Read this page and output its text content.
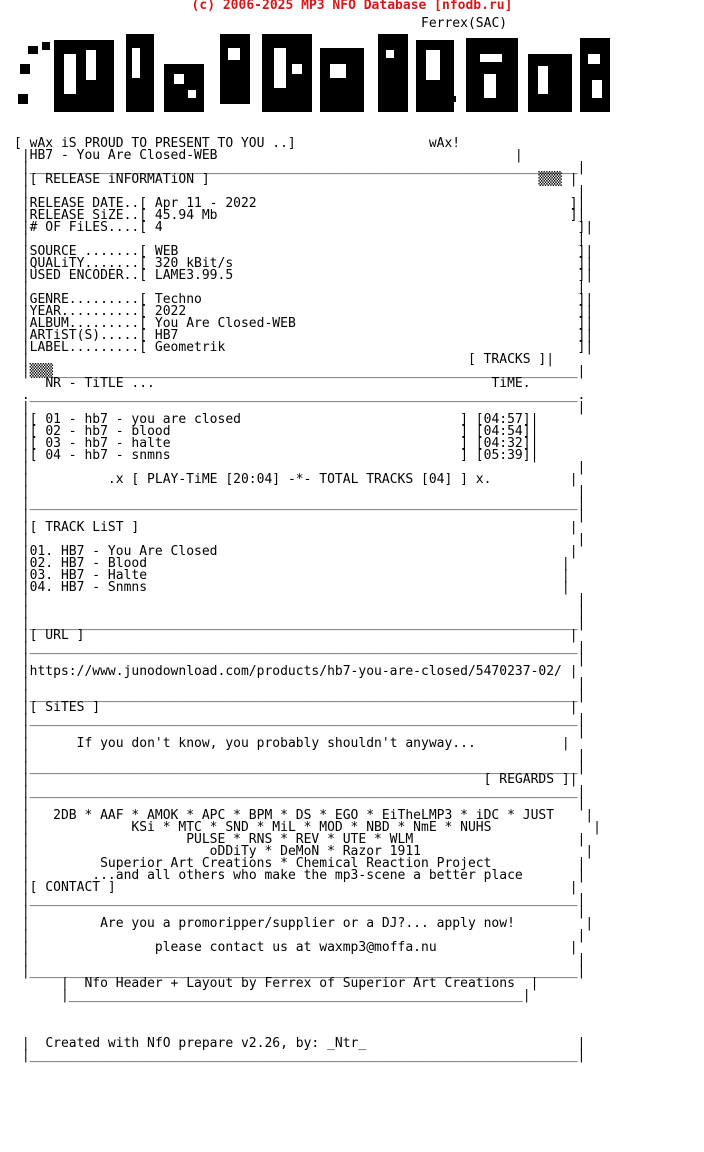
(c) 2006-2025 MP3 NFO Database [nfodb.ru]
Ferrex(SAC)

[ wAx iS PROUD TO PRESENT TO YOU ..]	wAx!
|HB7 - You Are Closed-WEB	|
|______________________________________________________________________|
|[ RELEASE iNFORMATiON ]	▒▒▒ |
|                                                                      |
|RELEASE DATE..[ Apr 11 - 2022	]|
|RELEASE SiZE..[ 45.94 Mb	]|
|# OF FiLES....[ 4	]|
|                                                                      |
|SOURCE .......[ WEB	]|
|QUALiTY.......[ 320 kBit/s	]|
|USED ENCODER..[ LAME3.99.5	]|
|                                                                      |
|GENRE.........[ Techno	]|
|YEAR..........[ 2022	]|
|ALBUM.........[ You Are Closed-WEB	]|
|ARTiST(S).....[ HB7	]|
|LABEL.........[ Geometrik	]|
|	[ TRACKS ]|
|▒▒▒___________________________________________________________________|
NR - TiTLE ...	TiME.
.______________________________________________________________________.
|                                                                      |
|[ 01 - hb7 - you are closed                            ] [04:57]|
|[ 02 - hb7 - blood                                     ] [04:54]|
|[ 03 - hb7 - halte                                     ] [04:32]|
|[ 04 - hb7 - snmns                                     ] [05:39]|
|                                                                      |
|          .x [ PLAY-TiME [20:04] -*- TOTAL TRACKS [04] ] x.          |
|                                                                      |
|______________________________________________________________________|
|                                                                      |
|[ TRACK LiST ]	|
|                                                                      |
|01. HB7 - You Are Closed	|
|02. HB7 - Blood	|
|03. HB7 - Halte	|
|04. HB7 - Snmns	|
|                                                                      |
|                                                                      |
|______________________________________________________________________|
|[ URL ]	|
|______________________________________________________________________|
|                                                                      |
|https://www.junodownload.com/products/hb7-you-are-closed/5470237-02/ |
|                                                                      |
|______________________________________________________________________|
|[ SiTES ]	|
|______________________________________________________________________|
|                                                                      |
|	If you don't know, you probably shouldn't anyway...	|
|                                                                      |
|______________________________________________________________________|
|	[ REGARDS ]|
|______________________________________________________________________|
|                                                                      |
|   2DB * AAF * AMOK * APC * BPM * DS * EGO * EiTheLMP3 * iDC * JUST    |
|	KSi * MTC * SND * MiL * MOD * NBD * NmE * NUHS	|
|	PULSE * RNS * REV * UTE * WLM	|
|	oDDiTy * DeMoN * Razor 1911	|
|	Superior Art Creations * Chemical Reaction Project	|
|	...and all others who make the mp3-scene a better place	|
|[ CONTACT ]	|
|______________________________________________________________________|
|                                                                      |
|	Are you a promoripper/supplier or a DJ?... apply now!	|
|                                                                      |
|	please contact us at waxmp3@moffa.nu	|
|                                                                      |
|______________________________________________________________________|
|  Nfo Header + Layout by Ferrex of Superior Art Creations  |
|__________________________________________________________|

|  Created with NfO prepare v2.26, by: _Ntr_	|
|______________________________________________________________________|
